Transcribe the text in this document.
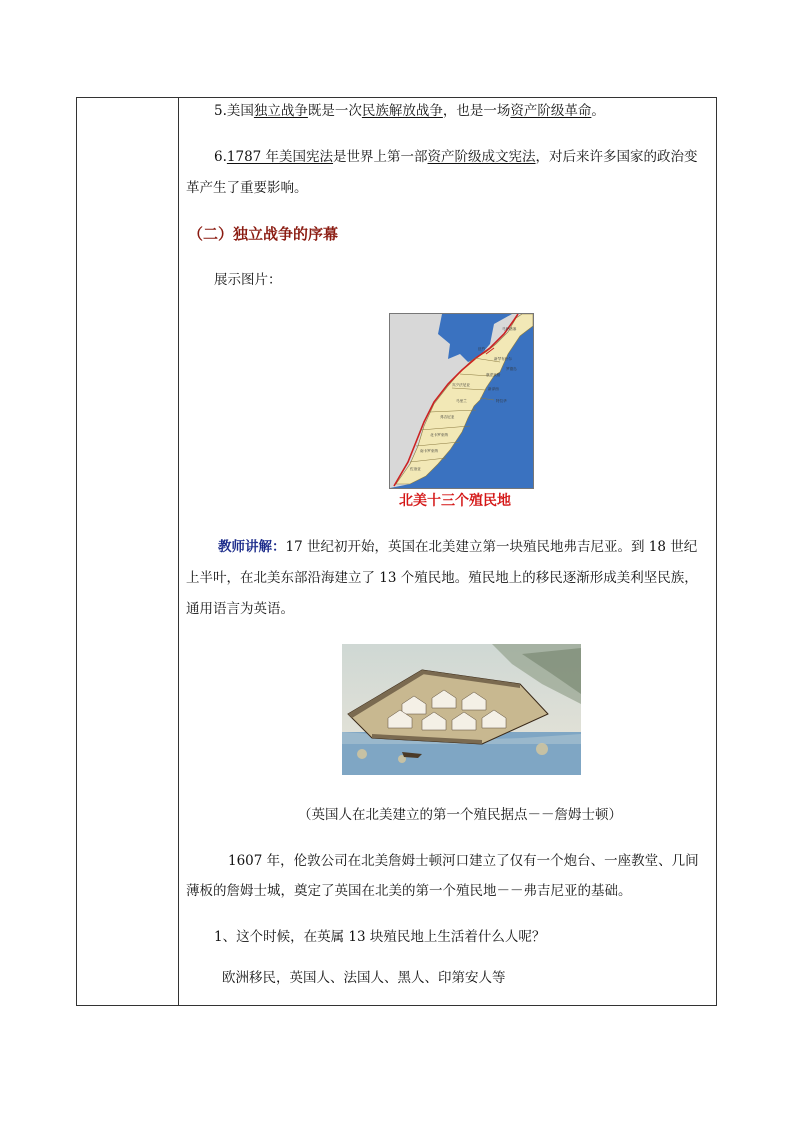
5.美国独立战争既是一次民族解放战争，也是一场资产阶级革命。
6.1787 年美国宪法是世界上第一部资产阶级成文宪法，对后来许多国家的政治变
革产生了重要影响。
（二）独立战争的序幕
展示图片：
马萨诸塞
纽约
新罕布什尔
罗德岛
康涅狄格
宾夕法尼亚
新泽西
特拉华
马里兰
弗吉尼亚
北卡罗来纳
南卡罗来纳
佐治亚
北美十三个殖民地
教师讲解：17 世纪初开始，英国在北美建立第一块殖民地弗吉尼亚。到 18 世纪
上半叶，在北美东部沿海建立了 13 个殖民地。殖民地上的移民逐渐形成美利坚民族，
通用语言为英语。
（英国人在北美建立的第一个殖民据点－－詹姆士顿）
1607 年，伦敦公司在北美詹姆士顿河口建立了仅有一个炮台、一座教堂、几间
薄板的詹姆士城，奠定了英国在北美的第一个殖民地－－弗吉尼亚的基础。
1、这个时候，在英属 13 块殖民地上生活着什么人呢？
欧洲移民，英国人、法国人、黑人、印第安人等
